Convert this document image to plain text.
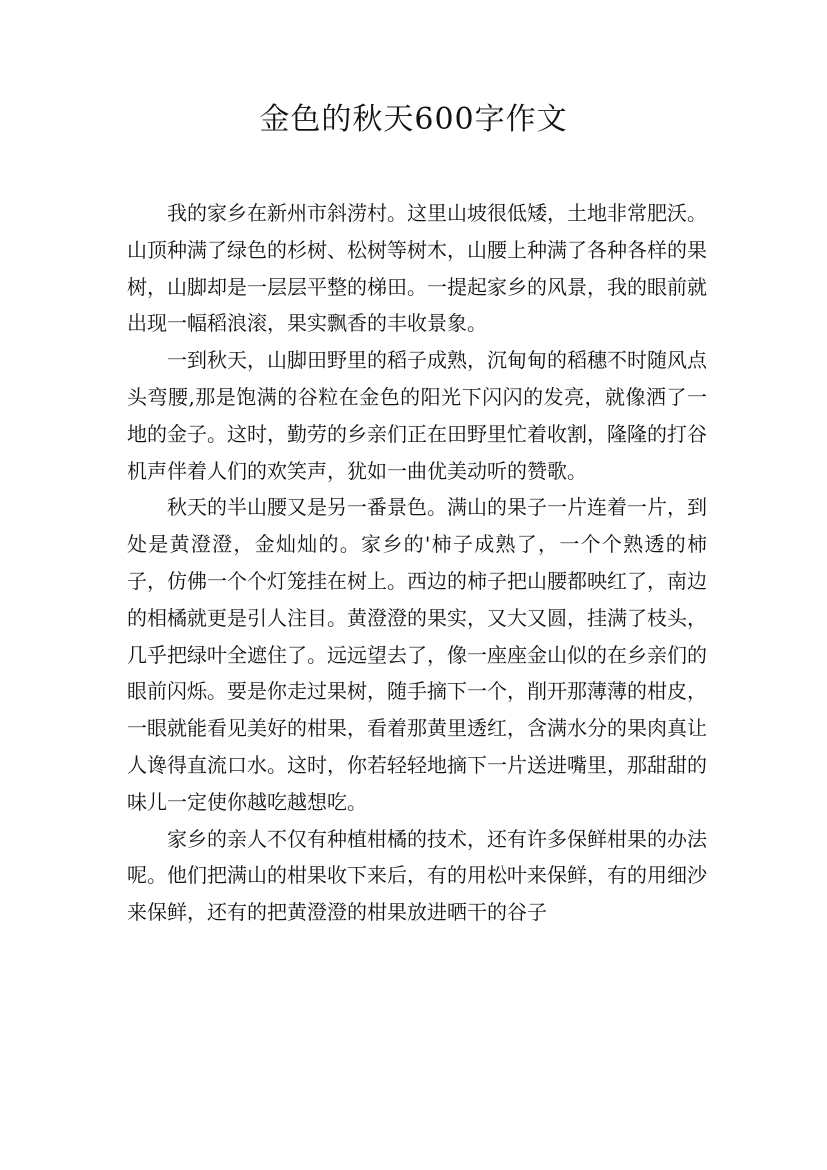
金色的秋天600字作文

我的家乡在新州市斜涝村。这里山坡很低矮，土地非常肥沃。山顶种满了绿色的杉树、松树等树木，山腰上种满了各种各样的果树，山脚却是一层层平整的梯田。一提起家乡的风景，我的眼前就出现一幅稻浪滚，果实飘香的丰收景象。

一到秋天，山脚田野里的稻子成熟，沉甸甸的稻穗不时随风点头弯腰,那是饱满的谷粒在金色的阳光下闪闪的发亮，就像洒了一地的金子。这时，勤劳的乡亲们正在田野里忙着收割，隆隆的打谷机声伴着人们的欢笑声，犹如一曲优美动听的赞歌。

秋天的半山腰又是另一番景色。满山的果子一片连着一片，到处是黄澄澄，金灿灿的。家乡的'柿子成熟了，一个个熟透的柿子，仿佛一个个灯笼挂在树上。西边的柿子把山腰都映红了，南边的相橘就更是引人注目。黄澄澄的果实，又大又圆，挂满了枝头，几乎把绿叶全遮住了。远远望去了，像一座座金山似的在乡亲们的眼前闪烁。要是你走过果树，随手摘下一个，削开那薄薄的柑皮，一眼就能看见美好的柑果，看着那黄里透红，含满水分的果肉真让人谗得直流口水。这时，你若轻轻地摘下一片送进嘴里，那甜甜的味儿一定使你越吃越想吃。

家乡的亲人不仅有种植柑橘的技术，还有许多保鲜柑果的办法呢。他们把满山的柑果收下来后，有的用松叶来保鲜，有的用细沙来保鲜，还有的把黄澄澄的柑果放进晒干的谷子
